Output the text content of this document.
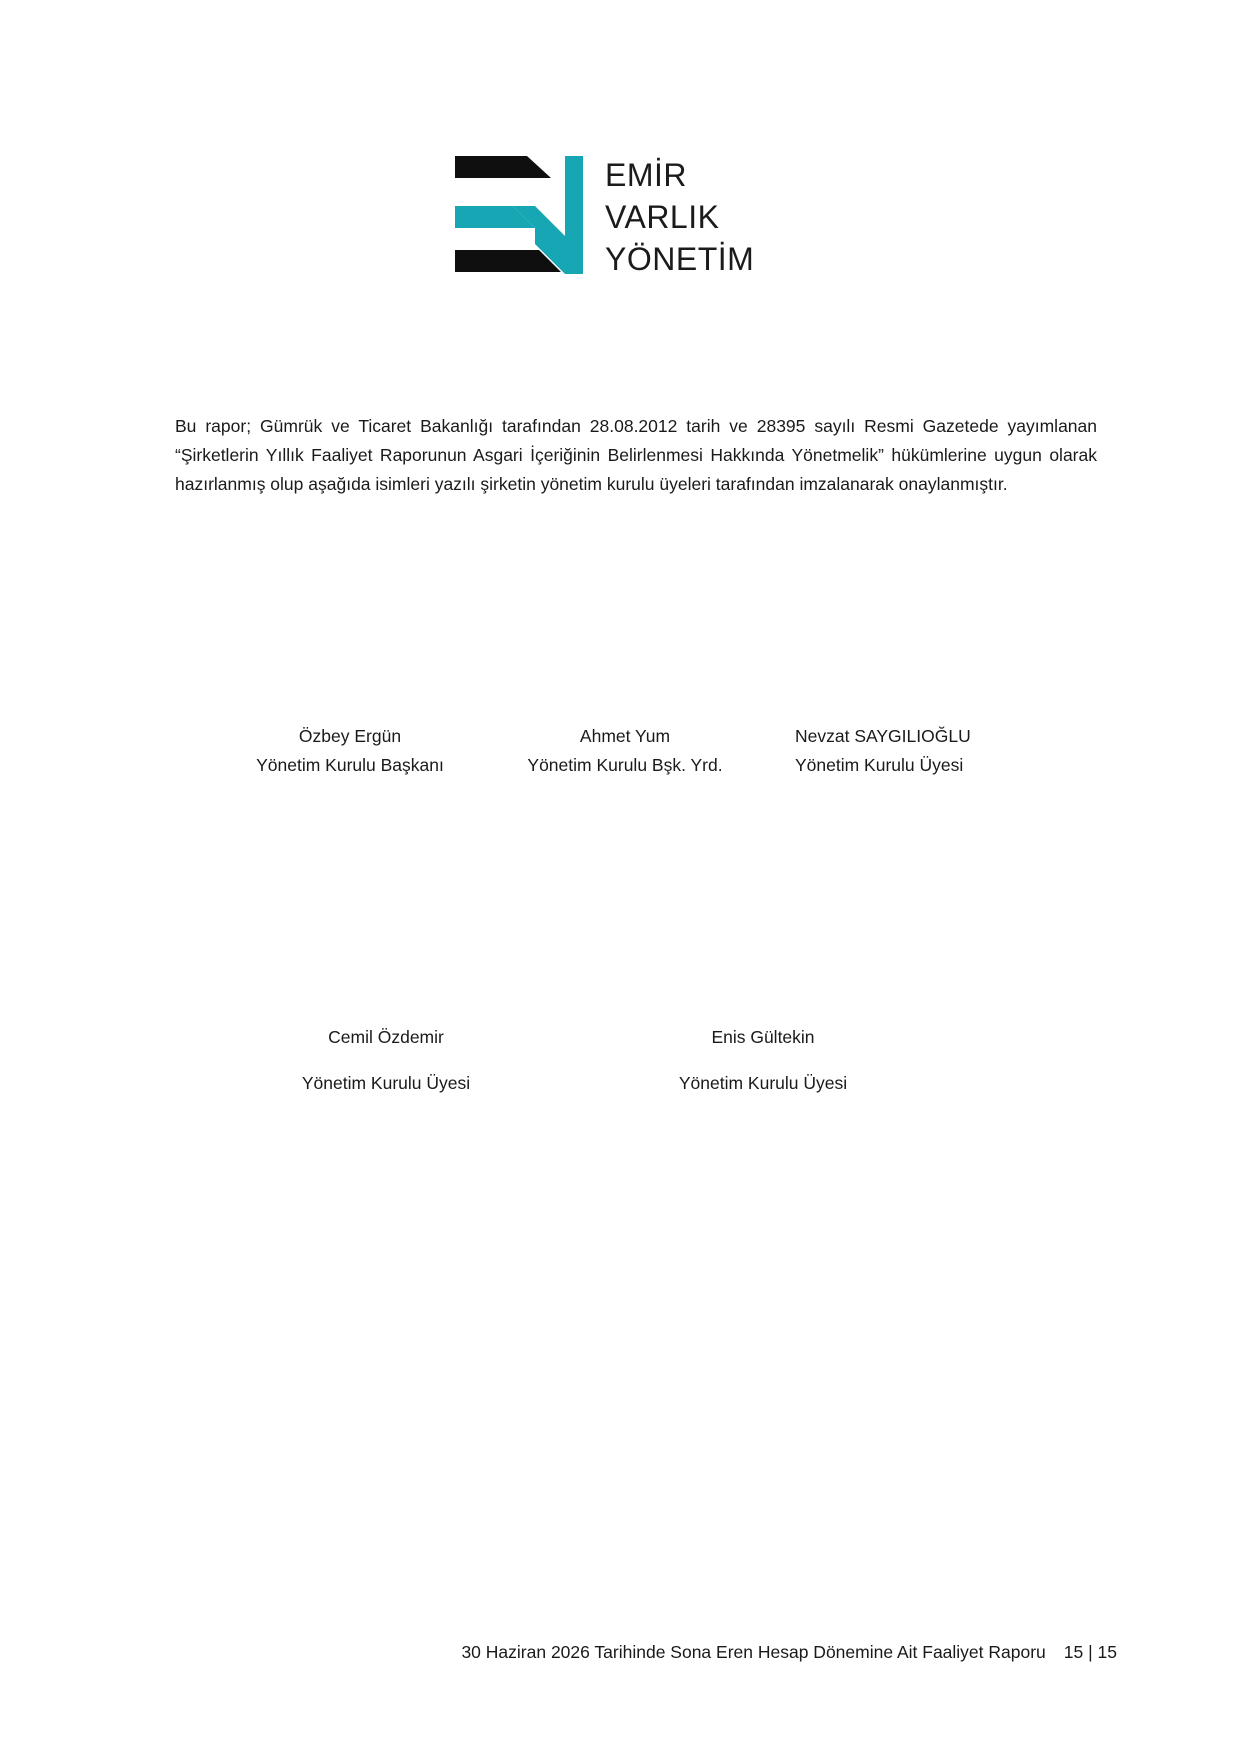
EMİR
VARLIK
YÖNETİM
Bu rapor; Gümrük ve Ticaret Bakanlığı tarafından 28.08.2012 tarih ve 28395 sayılı Resmi Gazetede yayımlanan “Şirketlerin Yıllık Faaliyet Raporunun Asgari İçeriğinin Belirlenmesi Hakkında Yönetmelik” hükümlerine uygun olarak hazırlanmış olup aşağıda isimleri yazılı şirketin yönetim kurulu üyeleri tarafından imzalanarak onaylanmıştır.
Özbey Ergün
Yönetim Kurulu Başkanı
Ahmet Yum
Yönetim Kurulu Bşk. Yrd.
Nevzat SAYGILIOĞLU
Yönetim Kurulu Üyesi
Cemil Özdemir
Yönetim Kurulu Üyesi
Enis Gültekin
Yönetim Kurulu Üyesi
30 Haziran 2026 Tarihinde Sona Eren Hesap Dönemine Ait Faaliyet Raporu 15 | 15
